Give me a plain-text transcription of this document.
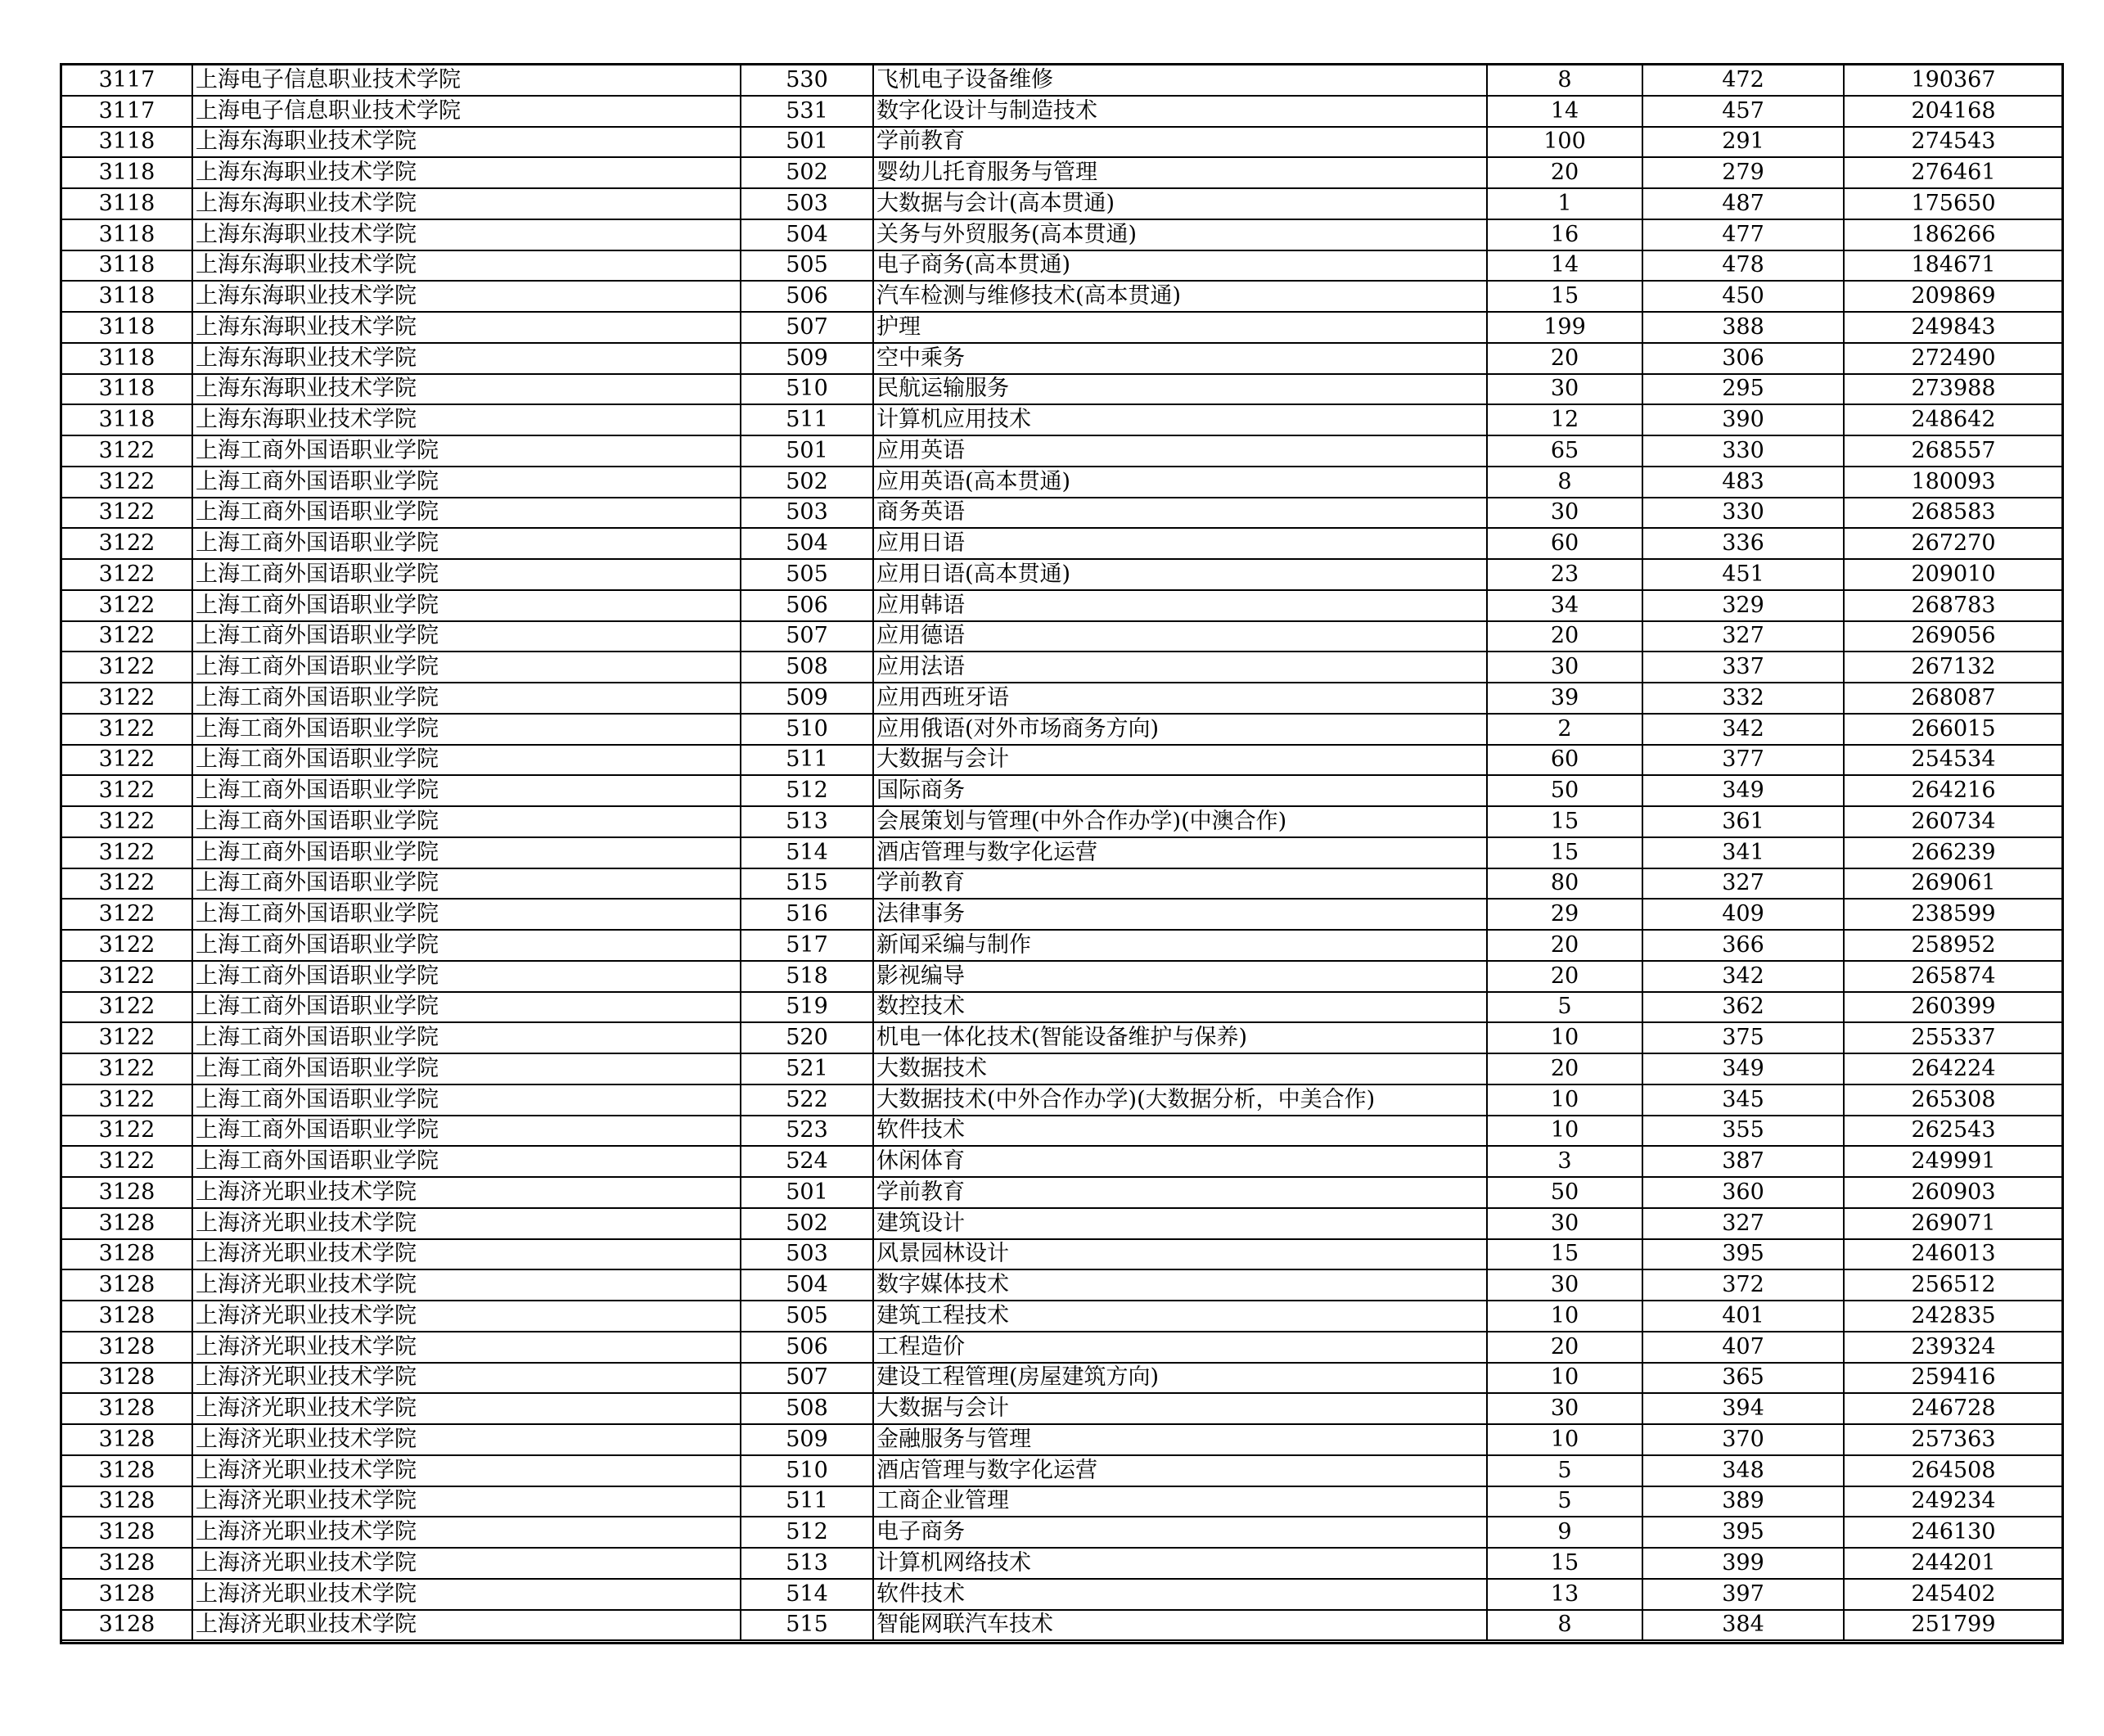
3117	上海电子信息职业技术学院	530	飞机电子设备维修	8	472	190367
3117	上海电子信息职业技术学院	531	数字化设计与制造技术	14	457	204168
3118	上海东海职业技术学院	501	学前教育	100	291	274543
3118	上海东海职业技术学院	502	婴幼儿托育服务与管理	20	279	276461
3118	上海东海职业技术学院	503	大数据与会计(高本贯通)	1	487	175650
3118	上海东海职业技术学院	504	关务与外贸服务(高本贯通)	16	477	186266
3118	上海东海职业技术学院	505	电子商务(高本贯通)	14	478	184671
3118	上海东海职业技术学院	506	汽车检测与维修技术(高本贯通)	15	450	209869
3118	上海东海职业技术学院	507	护理	199	388	249843
3118	上海东海职业技术学院	509	空中乘务	20	306	272490
3118	上海东海职业技术学院	510	民航运输服务	30	295	273988
3118	上海东海职业技术学院	511	计算机应用技术	12	390	248642
3122	上海工商外国语职业学院	501	应用英语	65	330	268557
3122	上海工商外国语职业学院	502	应用英语(高本贯通)	8	483	180093
3122	上海工商外国语职业学院	503	商务英语	30	330	268583
3122	上海工商外国语职业学院	504	应用日语	60	336	267270
3122	上海工商外国语职业学院	505	应用日语(高本贯通)	23	451	209010
3122	上海工商外国语职业学院	506	应用韩语	34	329	268783
3122	上海工商外国语职业学院	507	应用德语	20	327	269056
3122	上海工商外国语职业学院	508	应用法语	30	337	267132
3122	上海工商外国语职业学院	509	应用西班牙语	39	332	268087
3122	上海工商外国语职业学院	510	应用俄语(对外市场商务方向)	2	342	266015
3122	上海工商外国语职业学院	511	大数据与会计	60	377	254534
3122	上海工商外国语职业学院	512	国际商务	50	349	264216
3122	上海工商外国语职业学院	513	会展策划与管理(中外合作办学)(中澳合作)	15	361	260734
3122	上海工商外国语职业学院	514	酒店管理与数字化运营	15	341	266239
3122	上海工商外国语职业学院	515	学前教育	80	327	269061
3122	上海工商外国语职业学院	516	法律事务	29	409	238599
3122	上海工商外国语职业学院	517	新闻采编与制作	20	366	258952
3122	上海工商外国语职业学院	518	影视编导	20	342	265874
3122	上海工商外国语职业学院	519	数控技术	5	362	260399
3122	上海工商外国语职业学院	520	机电一体化技术(智能设备维护与保养)	10	375	255337
3122	上海工商外国语职业学院	521	大数据技术	20	349	264224
3122	上海工商外国语职业学院	522	大数据技术(中外合作办学)(大数据分析，中美合作)	10	345	265308
3122	上海工商外国语职业学院	523	软件技术	10	355	262543
3122	上海工商外国语职业学院	524	休闲体育	3	387	249991
3128	上海济光职业技术学院	501	学前教育	50	360	260903
3128	上海济光职业技术学院	502	建筑设计	30	327	269071
3128	上海济光职业技术学院	503	风景园林设计	15	395	246013
3128	上海济光职业技术学院	504	数字媒体技术	30	372	256512
3128	上海济光职业技术学院	505	建筑工程技术	10	401	242835
3128	上海济光职业技术学院	506	工程造价	20	407	239324
3128	上海济光职业技术学院	507	建设工程管理(房屋建筑方向)	10	365	259416
3128	上海济光职业技术学院	508	大数据与会计	30	394	246728
3128	上海济光职业技术学院	509	金融服务与管理	10	370	257363
3128	上海济光职业技术学院	510	酒店管理与数字化运营	5	348	264508
3128	上海济光职业技术学院	511	工商企业管理	5	389	249234
3128	上海济光职业技术学院	512	电子商务	9	395	246130
3128	上海济光职业技术学院	513	计算机网络技术	15	399	244201
3128	上海济光职业技术学院	514	软件技术	13	397	245402
3128	上海济光职业技术学院	515	智能网联汽车技术	8	384	251799
